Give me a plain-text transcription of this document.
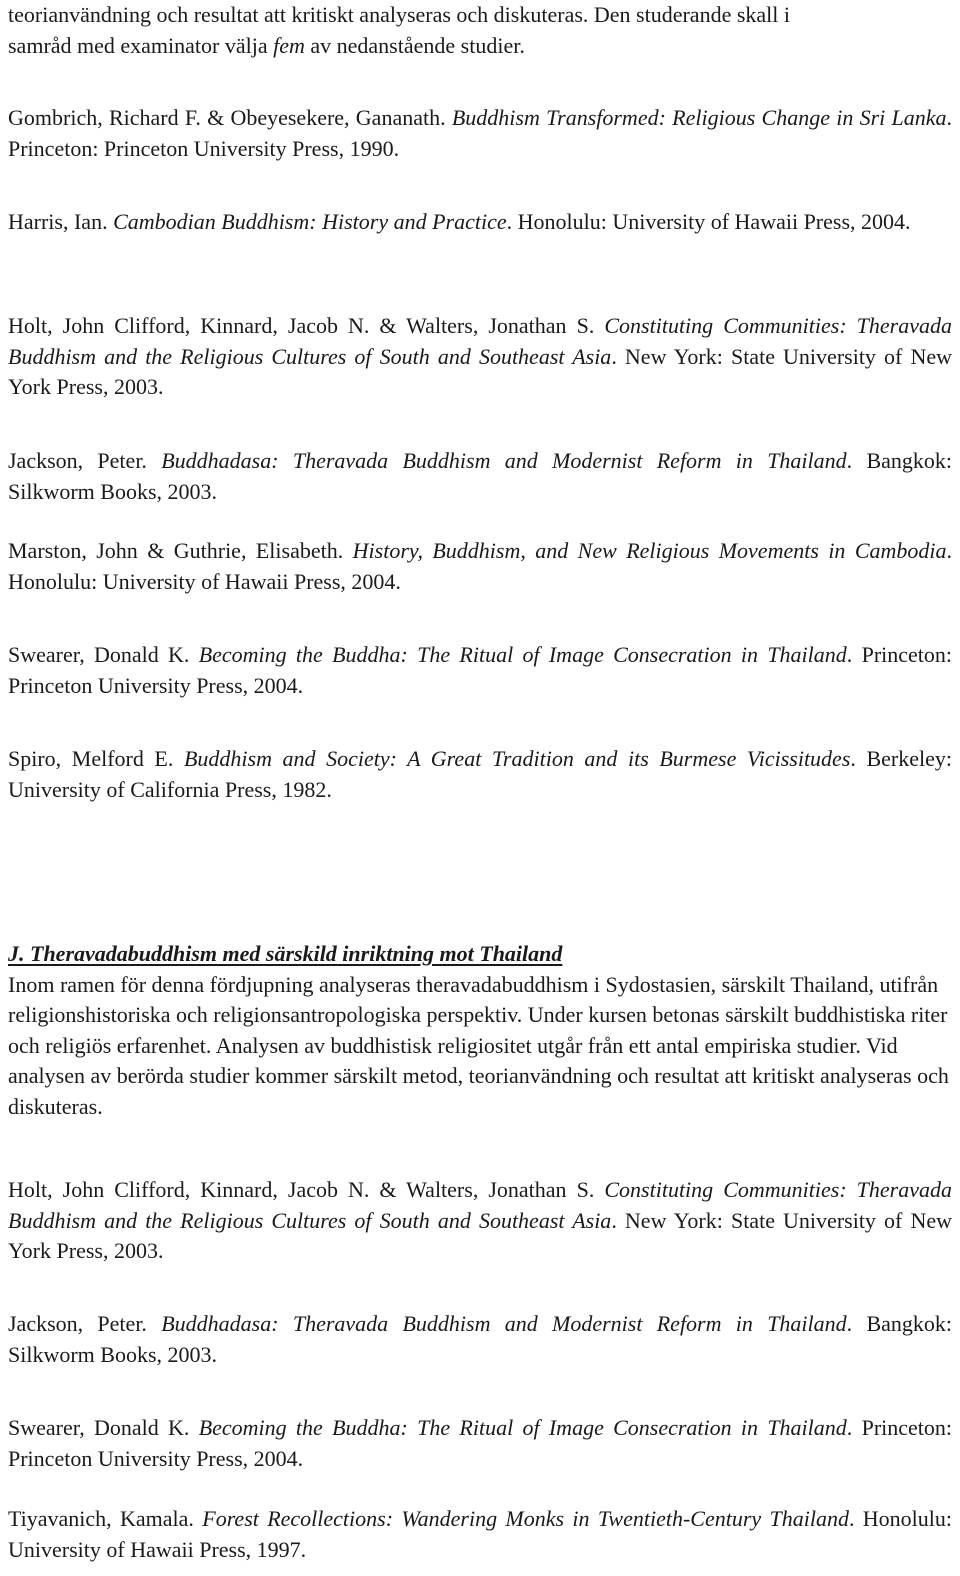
teorianvändning och resultat att kritiskt analyseras och diskuteras. Den studerande skall i
samråd med examinator välja fem av nedanstående studier.

Gombrich, Richard F. & Obeyesekere, Gananath. Buddhism Transformed: Religious Change in Sri Lanka. Princeton: Princeton University Press, 1990.

Harris, Ian. Cambodian Buddhism: History and Practice. Honolulu: University of Hawaii Press, 2004.

Holt, John Clifford, Kinnard, Jacob N. & Walters, Jonathan S. Constituting Communities: Theravada Buddhism and the Religious Cultures of South and Southeast Asia. New York: State University of New York Press, 2003.

Jackson, Peter. Buddhadasa: Theravada Buddhism and Modernist Reform in Thailand. Bangkok: Silkworm Books, 2003.

Marston, John & Guthrie, Elisabeth. History, Buddhism, and New Religious Movements in Cambodia. Honolulu: University of Hawaii Press, 2004.

Swearer, Donald K. Becoming the Buddha: The Ritual of Image Consecration in Thailand. Princeton: Princeton University Press, 2004.

Spiro, Melford E. Buddhism and Society: A Great Tradition and its Burmese Vicissitudes. Berkeley: University of California Press, 1982.

J. Theravadabuddhism med särskild inriktning mot Thailand
Inom ramen för denna fördjupning analyseras theravadabuddhism i Sydostasien, särskilt Thailand, utifrån religionshistoriska och religionsantropologiska perspektiv. Under kursen betonas särskilt buddhistiska riter och religiös erfarenhet. Analysen av buddhistisk religiositet utgår från ett antal empiriska studier. Vid analysen av berörda studier kommer särskilt metod, teorianvändning och resultat att kritiskt analyseras och diskuteras.

Holt, John Clifford, Kinnard, Jacob N. & Walters, Jonathan S. Constituting Communities: Theravada Buddhism and the Religious Cultures of South and Southeast Asia. New York: State University of New York Press, 2003.

Jackson, Peter. Buddhadasa: Theravada Buddhism and Modernist Reform in Thailand. Bangkok: Silkworm Books, 2003.

Swearer, Donald K. Becoming the Buddha: The Ritual of Image Consecration in Thailand. Princeton: Princeton University Press, 2004.

Tiyavanich, Kamala. Forest Recollections: Wandering Monks in Twentieth-Century Thailand. Honolulu: University of Hawaii Press, 1997.
